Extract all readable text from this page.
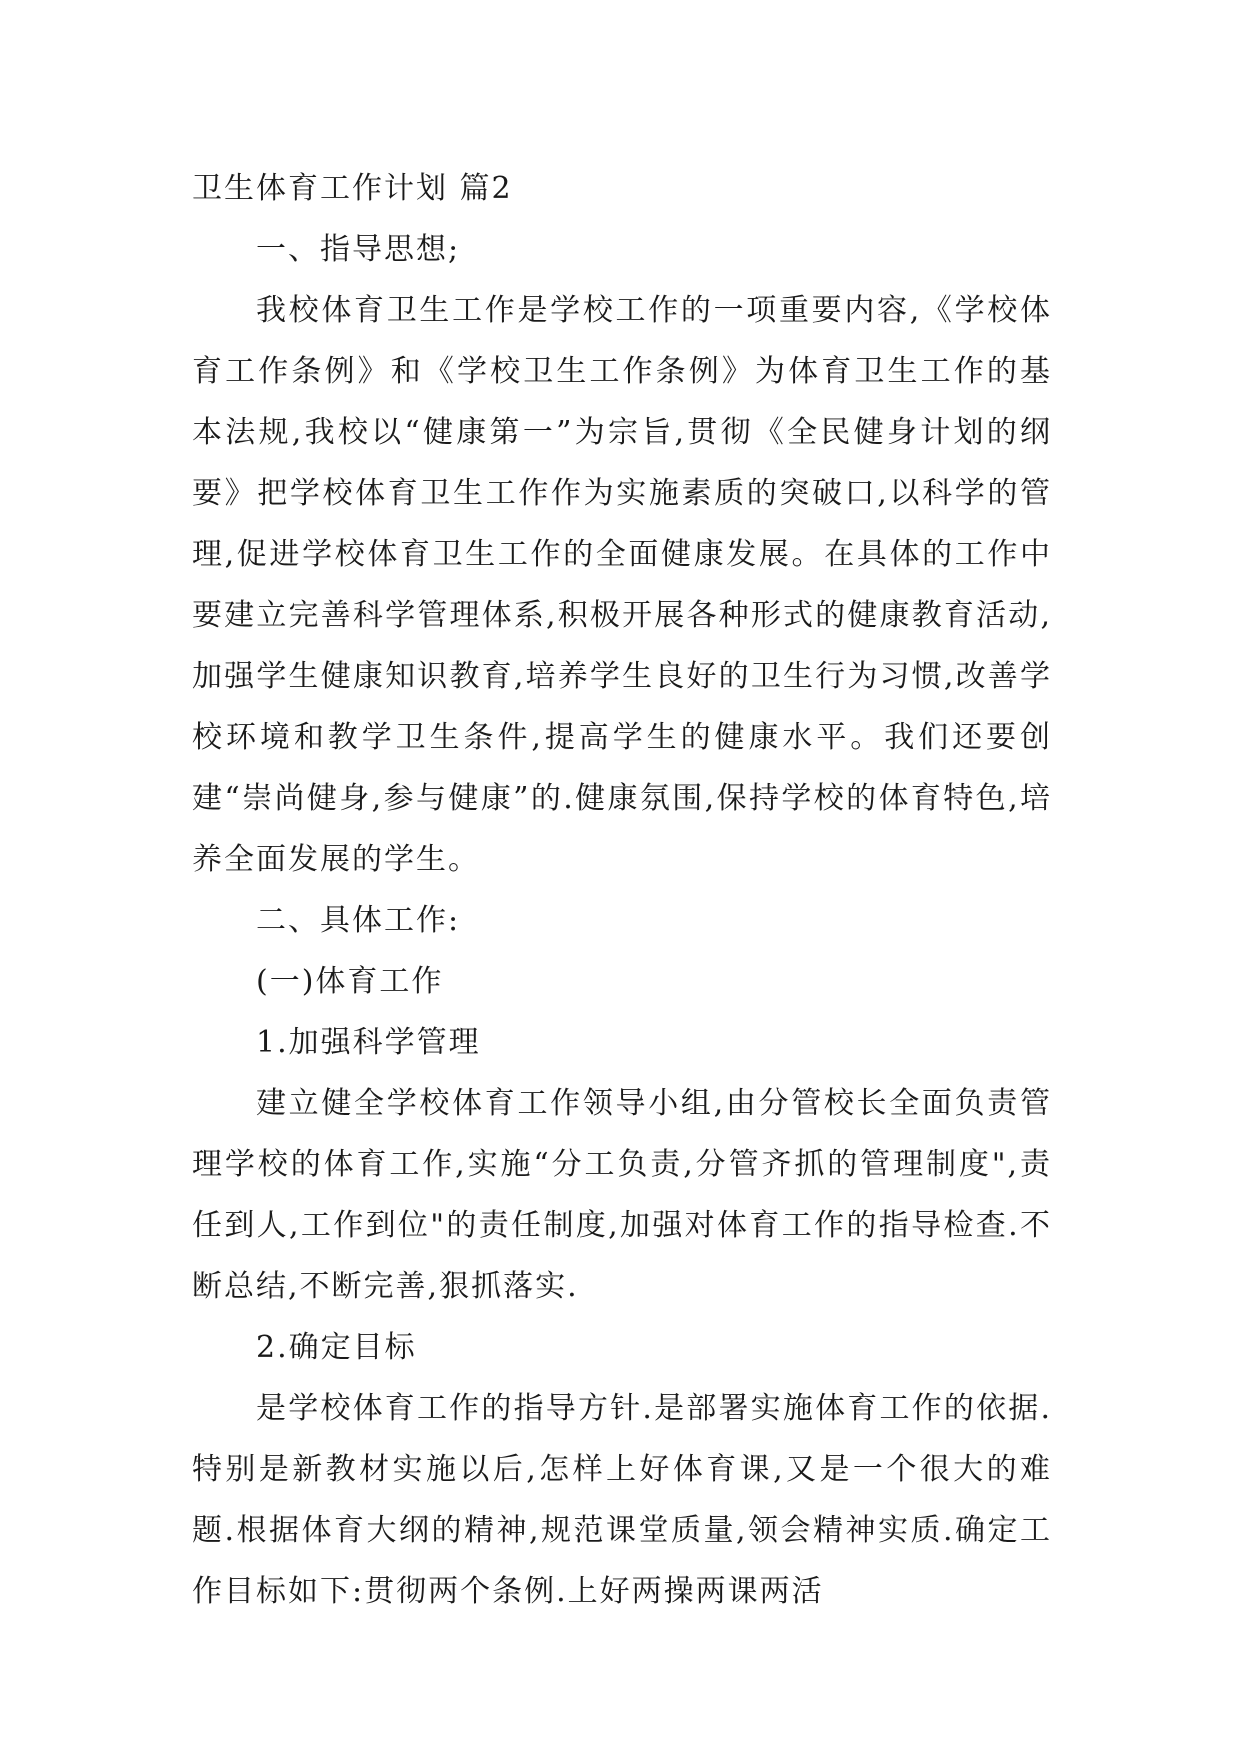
卫生体育工作计划 篇2

一、指导思想;

我校体育卫生工作是学校工作的一项重要内容,《学校体育工作条例》和《学校卫生工作条例》为体育卫生工作的基本法规,我校以“健康第一”为宗旨,贯彻《全民健身计划的纲要》把学校体育卫生工作作为实施素质的突破口,以科学的管理,促进学校体育卫生工作的全面健康发展。在具体的工作中要建立完善科学管理体系,积极开展各种形式的健康教育活动,加强学生健康知识教育,培养学生良好的卫生行为习惯,改善学校环境和教学卫生条件,提高学生的健康水平。我们还要创建“崇尚健身,参与健康”的.健康氛围,保持学校的体育特色,培养全面发展的学生。

二、具体工作:

(一)体育工作

1.加强科学管理

建立健全学校体育工作领导小组,由分管校长全面负责管理学校的体育工作,实施“分工负责,分管齐抓的管理制度",责任到人,工作到位"的责任制度,加强对体育工作的指导检查.不断总结,不断完善,狠抓落实.

2.确定目标

是学校体育工作的指导方针.是部署实施体育工作的依据.特别是新教材实施以后,怎样上好体育课,又是一个很大的难题.根据体育大纲的精神,规范课堂质量,领会精神实质.确定工作目标如下:贯彻两个条例.上好两操两课两活
